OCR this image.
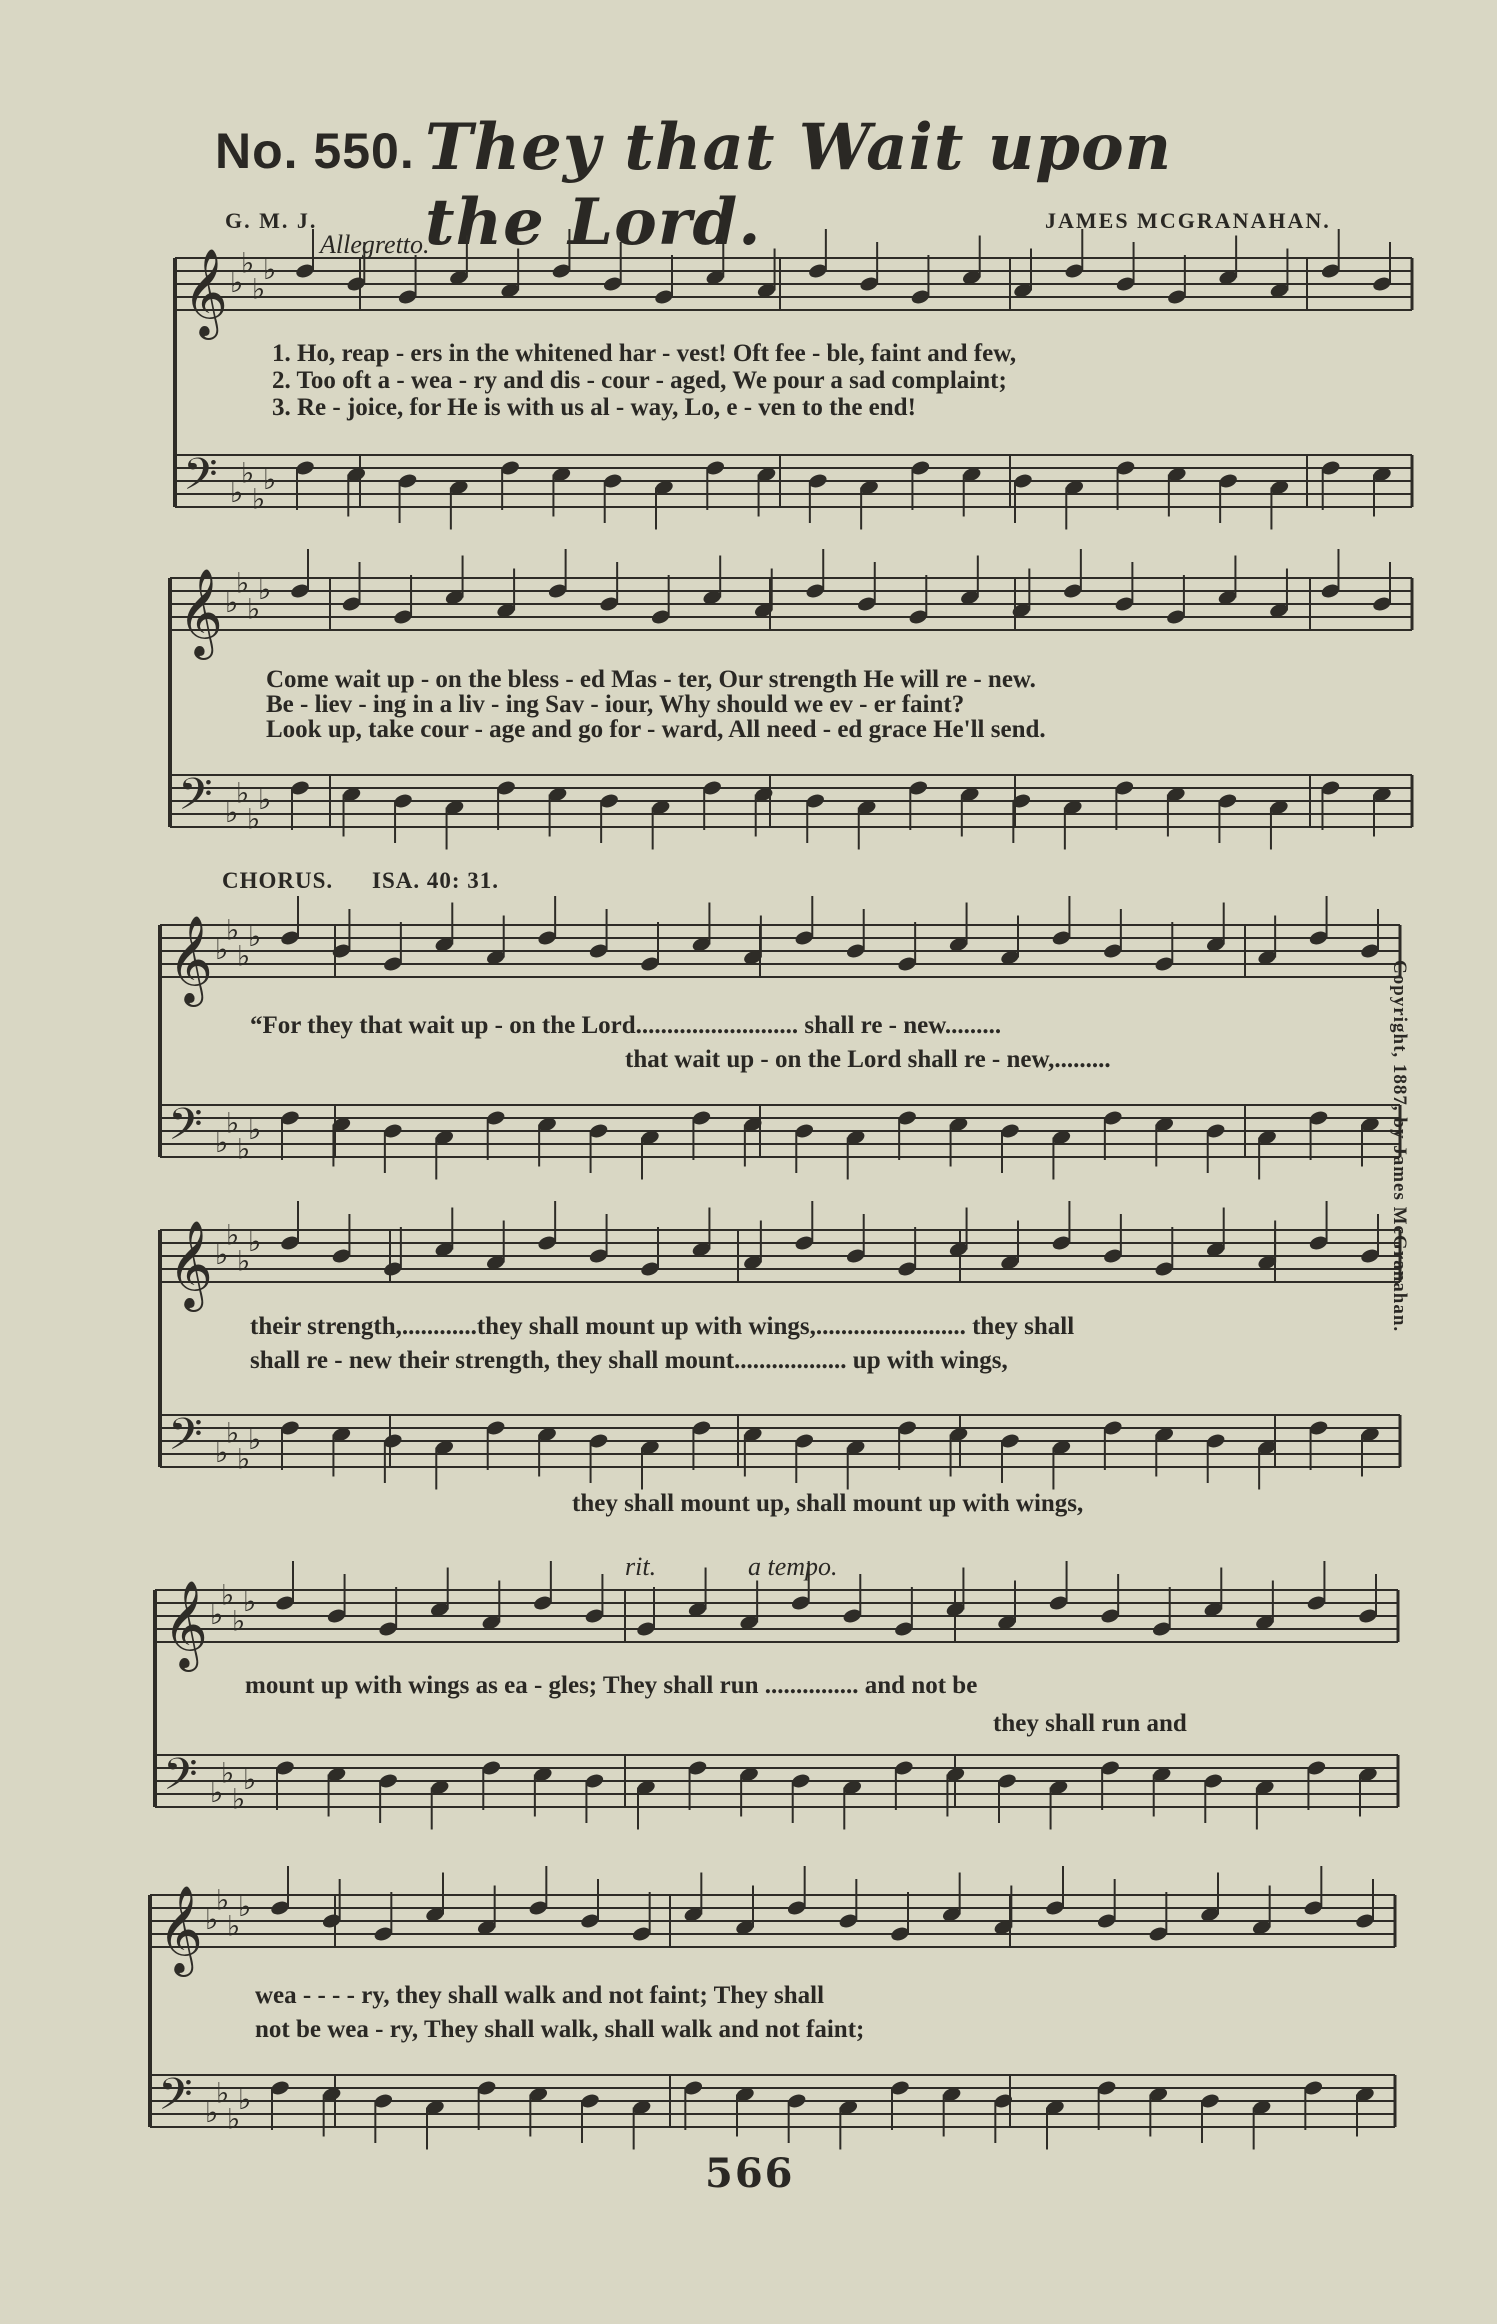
No. 550. They that Wait upon the Lord.
G. M. J.	JAMES MCGRANAHAN.
Allegretto.
𝄞 ♭
♭
♭
♭
𝄢 ♭
♭
♭
♭
𝄞 ♭
♭
♭
♭
𝄢 ♭
♭
♭
♭
𝄞 ♭
♭
♭
♭
𝄢 ♭
♭
♭
♭
𝄞 ♭
♭
♭
♭
𝄢 ♭
♭
♭
♭
𝄞 ♭
♭
♭
♭
𝄢 ♭
♭
♭
♭
𝄞 ♭
♭
♭
♭
𝄢 ♭
♭
♭
♭
1. Ho, reap - ers in the whitened har - vest! Oft fee - ble, faint and few,
2. Too oft a - wea - ry and dis - cour - aged, We pour a sad complaint;
3. Re - joice, for He is with us al - way, Lo, e - ven to the end!
Come wait up - on the bless - ed Mas - ter, Our strength He will re - new.
Be - liev - ing in a liv - ing Sav - iour, Why should we ev - er faint?
Look up, take cour - age and go for - ward, All need - ed grace He'll send.
CHORUS. ISA. 40: 31.
“For they that wait up - on the Lord.......................... shall re - new.........
that wait up - on the Lord shall re - new,.........
their strength,............they shall mount up with wings,........................ they shall
shall re - new their strength, they shall mount.................. up with wings,
they shall mount up, shall mount up with wings,
rit.	a tempo.
mount up with wings as ea - gles; They shall run ............... and not be
they shall run and
wea - - - - ry, they shall walk and not faint; They shall
not be wea - ry, They shall walk, shall walk and not faint;
Copyright, 1887, by James McGranahan.
566
